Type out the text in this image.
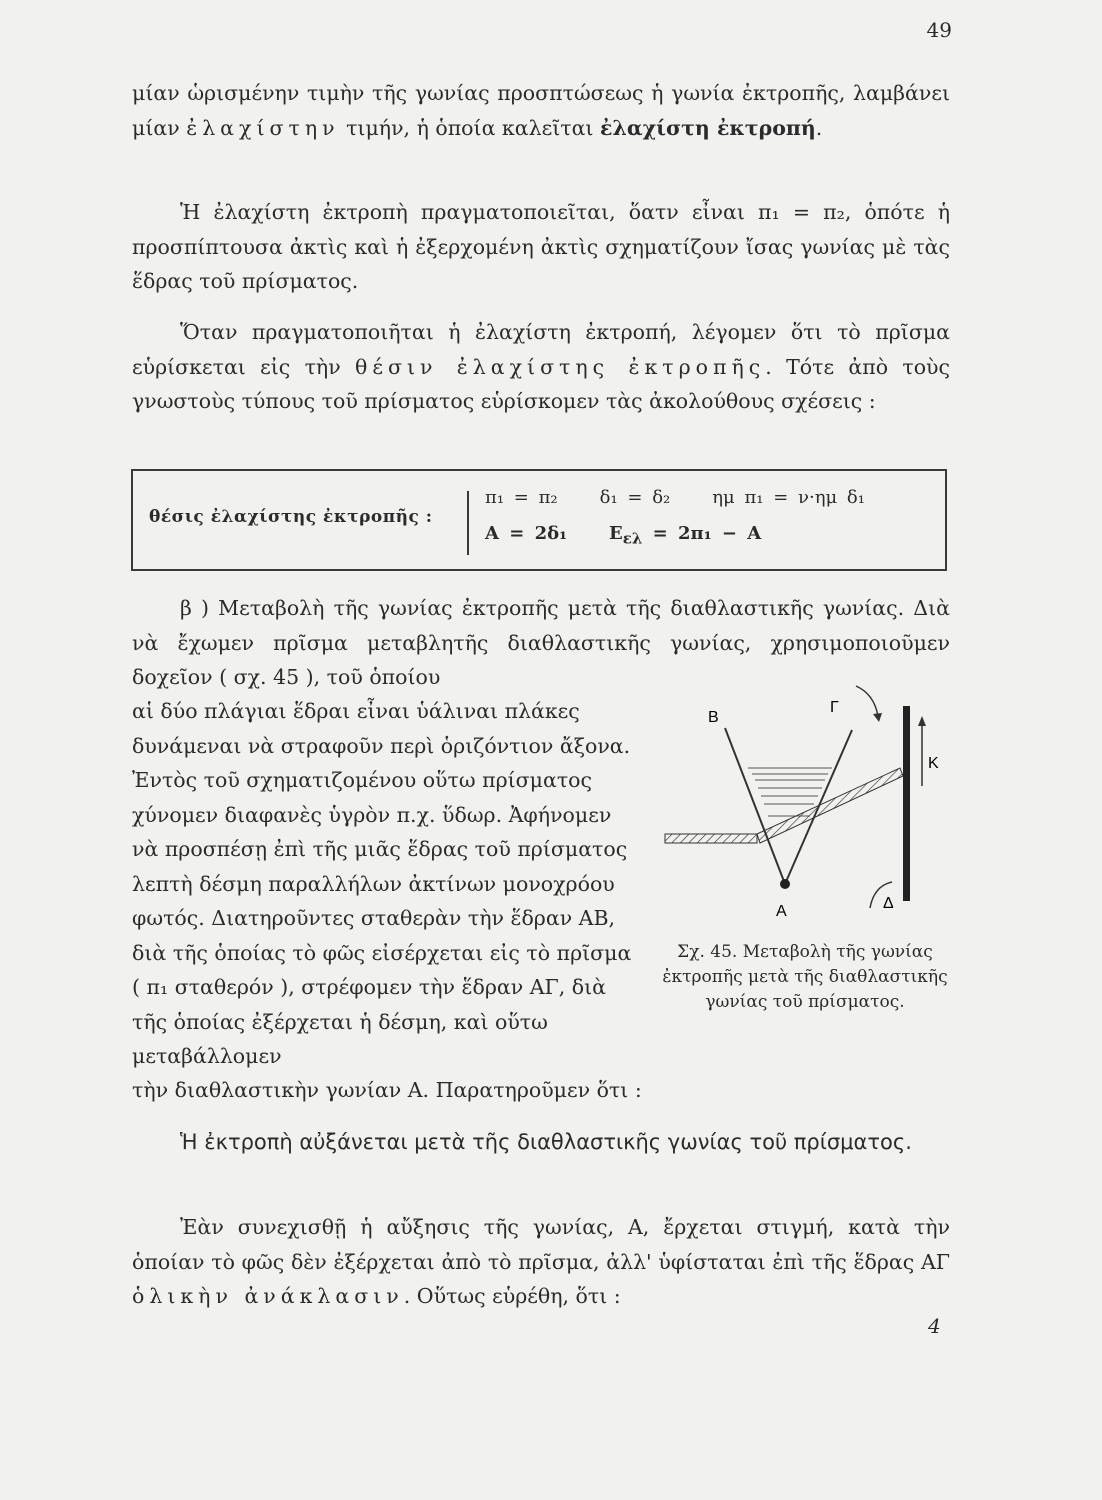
49

μίαν ὡρισμένην τιμὴν τῆς γωνίας προσπτώσεως ἡ γωνία ἐκτροπῆς, λαμβάνει μίαν ἐλαχίστην τιμήν, ἡ ὁποία καλεῖται ἐλαχίστη ἐκτροπή.

Ἡ ἐλαχίστη ἐκτροπὴ πραγματοποιεῖται, ὅατν εἶναι π₁ = π₂, ὁπότε ἡ προσπίπτουσα ἀκτὶς καὶ ἡ ἐξερχομένη ἀκτὶς σχηματίζουν ἴσας γωνίας μὲ τὰς ἕδρας τοῦ πρίσματος.

Ὅταν πραγματοποιῆται ἡ ἐλαχίστη ἐκτροπή, λέγομεν ὅτι τὸ πρῖσμα εὑρίσκεται εἰς τὴν θέσιν ἐλαχίστης ἐκτροπῆς. Τότε ἀπὸ τοὺς γνωστοὺς τύπους τοῦ πρίσματος εὑρίσκομεν τὰς ἀκολούθους σχέσεις :

θέσις ἐλαχίστης ἐκτροπῆς :
π₁ = π₂ δ₁ = δ₂ ημ π₁ = ν·ημ δ₁
Α = 2δ₁ $E_{\varepsilon\lambda} = 2\pi_1 - A$

β ) Μεταβολὴ τῆς γωνίας ἐκτροπῆς μετὰ τῆς διαθλαστικῆς γωνίας. Διὰ νὰ ἔχωμεν πρῖσμα μεταβλητῆς διαθλαστικῆς γωνίας, χρησιμοποιοῦμεν δοχεῖον ( σχ. 45 ), τοῦ ὁποίου

αἱ δύο πλάγιαι ἕδραι εἶναι ὑάλιναι πλάκες δυνάμεναι νὰ στραφοῦν περὶ ὁριζόντιον ἄξονα. Ἐντὸς τοῦ σχηματιζομένου οὕτω πρίσματος χύνομεν διαφανὲς ὑγρὸν π.χ. ὕδωρ. Ἀφήνομεν νὰ προσπέσῃ ἐπὶ τῆς μιᾶς ἕδρας τοῦ πρίσματος λεπτὴ δέσμη παραλλήλων ἀκτίνων μονοχρόου φωτός. Διατηροῦντες σταθερὰν τὴν ἕδραν ΑΒ, διὰ τῆς ὁποίας τὸ φῶς εἰσέρχεται εἰς τὸ πρῖσμα ( π₁ σταθερόν ), στρέφομεν τὴν ἕδραν ΑΓ, διὰ τῆς ὁποίας ἐξέρχεται ἡ δέσμη, καὶ οὕτω μεταβάλλομεν

τὴν διαθλαστικὴν γωνίαν Α. Παρατηροῦμεν ὅτι :

Β
Γ
Α	Δ
Κ

Σχ. 45. Μεταβολὴ τῆς γωνίας ἐκτροπῆς μετὰ τῆς διαθλαστικῆς γωνίας τοῦ πρίσματος.

Ἡ ἐκτροπὴ αὐξάνεται μετὰ τῆς διαθλαστικῆς γωνίας τοῦ πρίσματος.

Ἐὰν συνεχισθῇ ἡ αὔξησις τῆς γωνίας, Α, ἔρχεται στιγμή, κατὰ τὴν ὁποίαν τὸ φῶς δὲν ἐξέρχεται ἀπὸ τὸ πρῖσμα, ἀλλ' ὑφίσταται ἐπὶ τῆς ἕδρας ΑΓ ὁλικὴν ἀνάκλασιν. Οὕτως εὑρέθη, ὅτι :

4
